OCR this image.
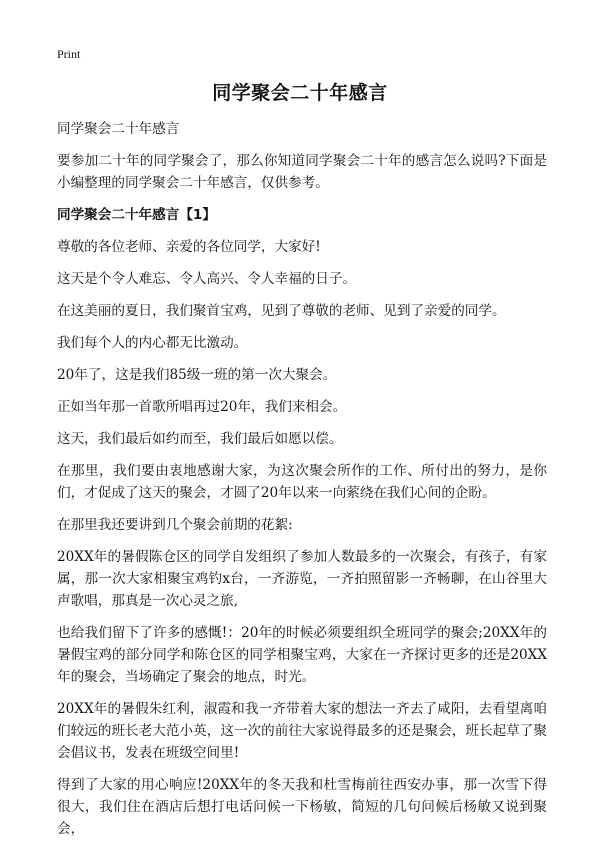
Print
同学聚会二十年感言

同学聚会二十年感言

要参加二十年的同学聚会了，那么你知道同学聚会二十年的感言怎么说吗?下面是小编整理的同学聚会二十年感言，仅供参考。

同学聚会二十年感言【1】

尊敬的各位老师、亲爱的各位同学，大家好!

这天是个令人难忘、令人高兴、令人幸福的日子。

在这美丽的夏日，我们聚首宝鸡，见到了尊敬的老师、见到了亲爱的同学。

我们每个人的内心都无比激动。

20年了，这是我们85级一班的第一次大聚会。

正如当年那一首歌所唱再过20年，我们来相会。

这天，我们最后如约而至，我们最后如愿以偿。

在那里，我们要由衷地感谢大家，为这次聚会所作的工作、所付出的努力，是你们，才促成了这天的聚会，才圆了20年以来一向萦绕在我们心间的企盼。

在那里我还要讲到几个聚会前期的花絮:

20XX年的暑假陈仓区的同学自发组织了参加人数最多的一次聚会，有孩子，有家属，那一次大家相聚宝鸡钓x台，一齐游览，一齐拍照留影一齐畅聊，在山谷里大声歌唱，那真是一次心灵之旅,

也给我们留下了许多的感慨!：20年的时候必须要组织全班同学的聚会;20XX年的暑假宝鸡的部分同学和陈仓区的同学相聚宝鸡，大家在一齐探讨更多的还是20XX年的聚会，当场确定了聚会的地点，时光。

20XX年的暑假朱红利，淑霞和我一齐带着大家的想法一齐去了咸阳，去看望离咱们较远的班长老大范小英，这一次的前往大家说得最多的还是聚会，班长起草了聚会倡议书，发表在班级空间里!

得到了大家的用心响应!20XX年的冬天我和杜雪梅前往西安办事，那一次雪下得很大，我们住在酒店后想打电话问候一下杨敏，简短的几句问候后杨敏又说到聚会，
